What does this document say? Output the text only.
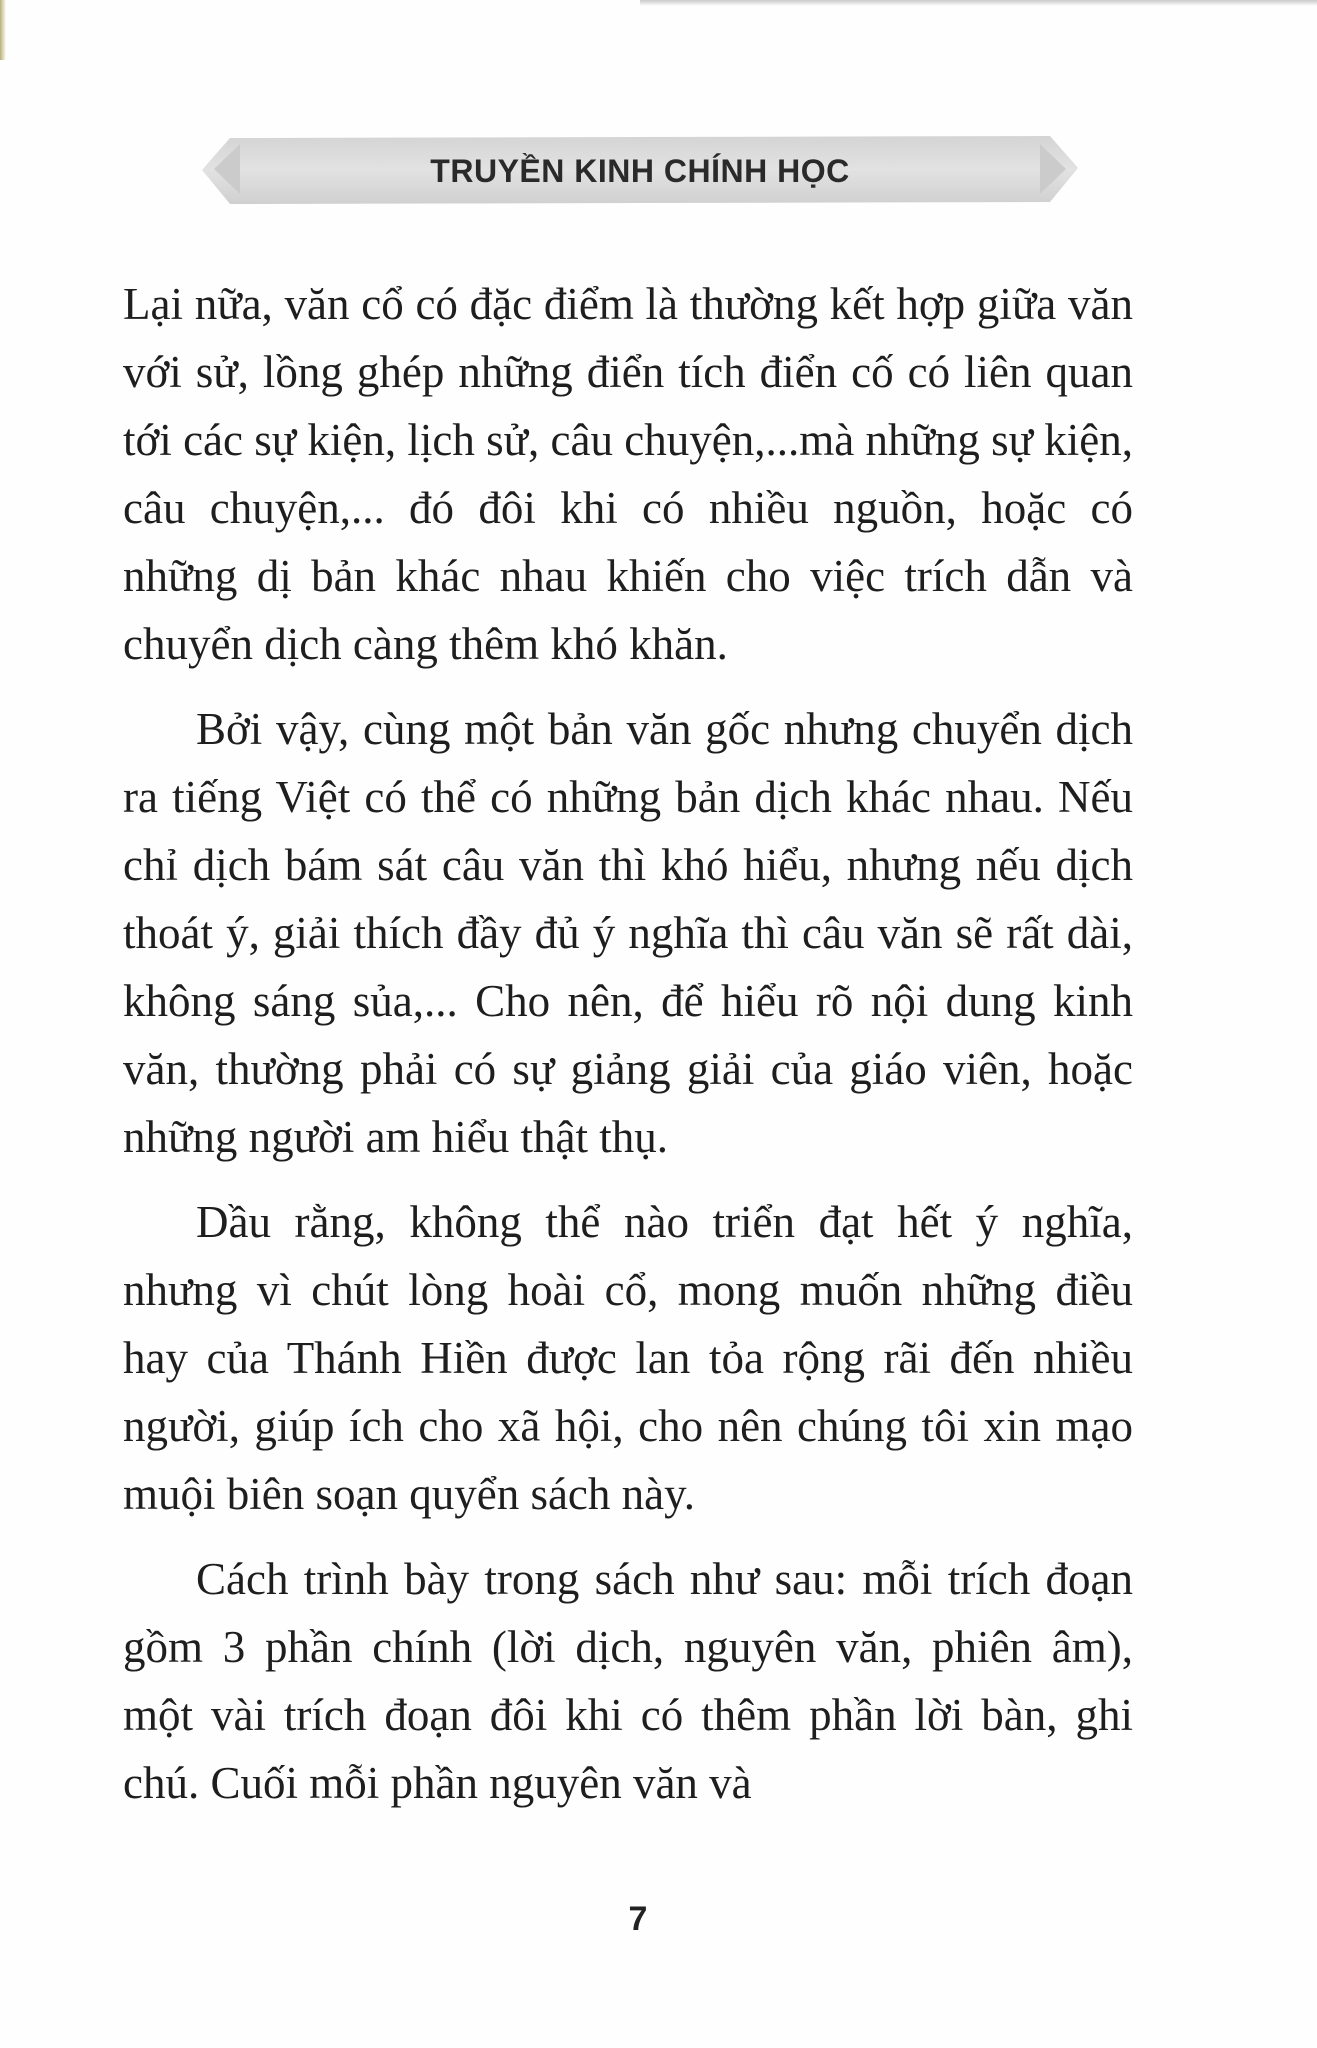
TRUYỀN KINH CHÍNH HỌC

Lại nữa, văn cổ có đặc điểm là thường kết hợp giữa văn với sử, lồng ghép những điển tích điển cố có liên quan tới các sự kiện, lịch sử, câu chuyện,...mà những sự kiện, câu chuyện,... đó đôi khi có nhiều nguồn, hoặc có những dị bản khác nhau khiến cho việc trích dẫn và chuyển dịch càng thêm khó khăn.

Bởi vậy, cùng một bản văn gốc nhưng chuyển dịch ra tiếng Việt có thể có những bản dịch khác nhau. Nếu chỉ dịch bám sát câu văn thì khó hiểu, nhưng nếu dịch thoát ý, giải thích đầy đủ ý nghĩa thì câu văn sẽ rất dài, không sáng sủa,... Cho nên, để hiểu rõ nội dung kinh văn, thường phải có sự giảng giải của giáo viên, hoặc những người am hiểu thật thụ.

Dầu rằng, không thể nào triển đạt hết ý nghĩa, nhưng vì chút lòng hoài cổ, mong muốn những điều hay của Thánh Hiền được lan tỏa rộng rãi đến nhiều người, giúp ích cho xã hội, cho nên chúng tôi xin mạo muội biên soạn quyển sách này.

Cách trình bày trong sách như sau: mỗi trích đoạn gồm 3 phần chính (lời dịch, nguyên văn, phiên âm), một vài trích đoạn đôi khi có thêm phần lời bàn, ghi chú. Cuối mỗi phần nguyên văn và

7
